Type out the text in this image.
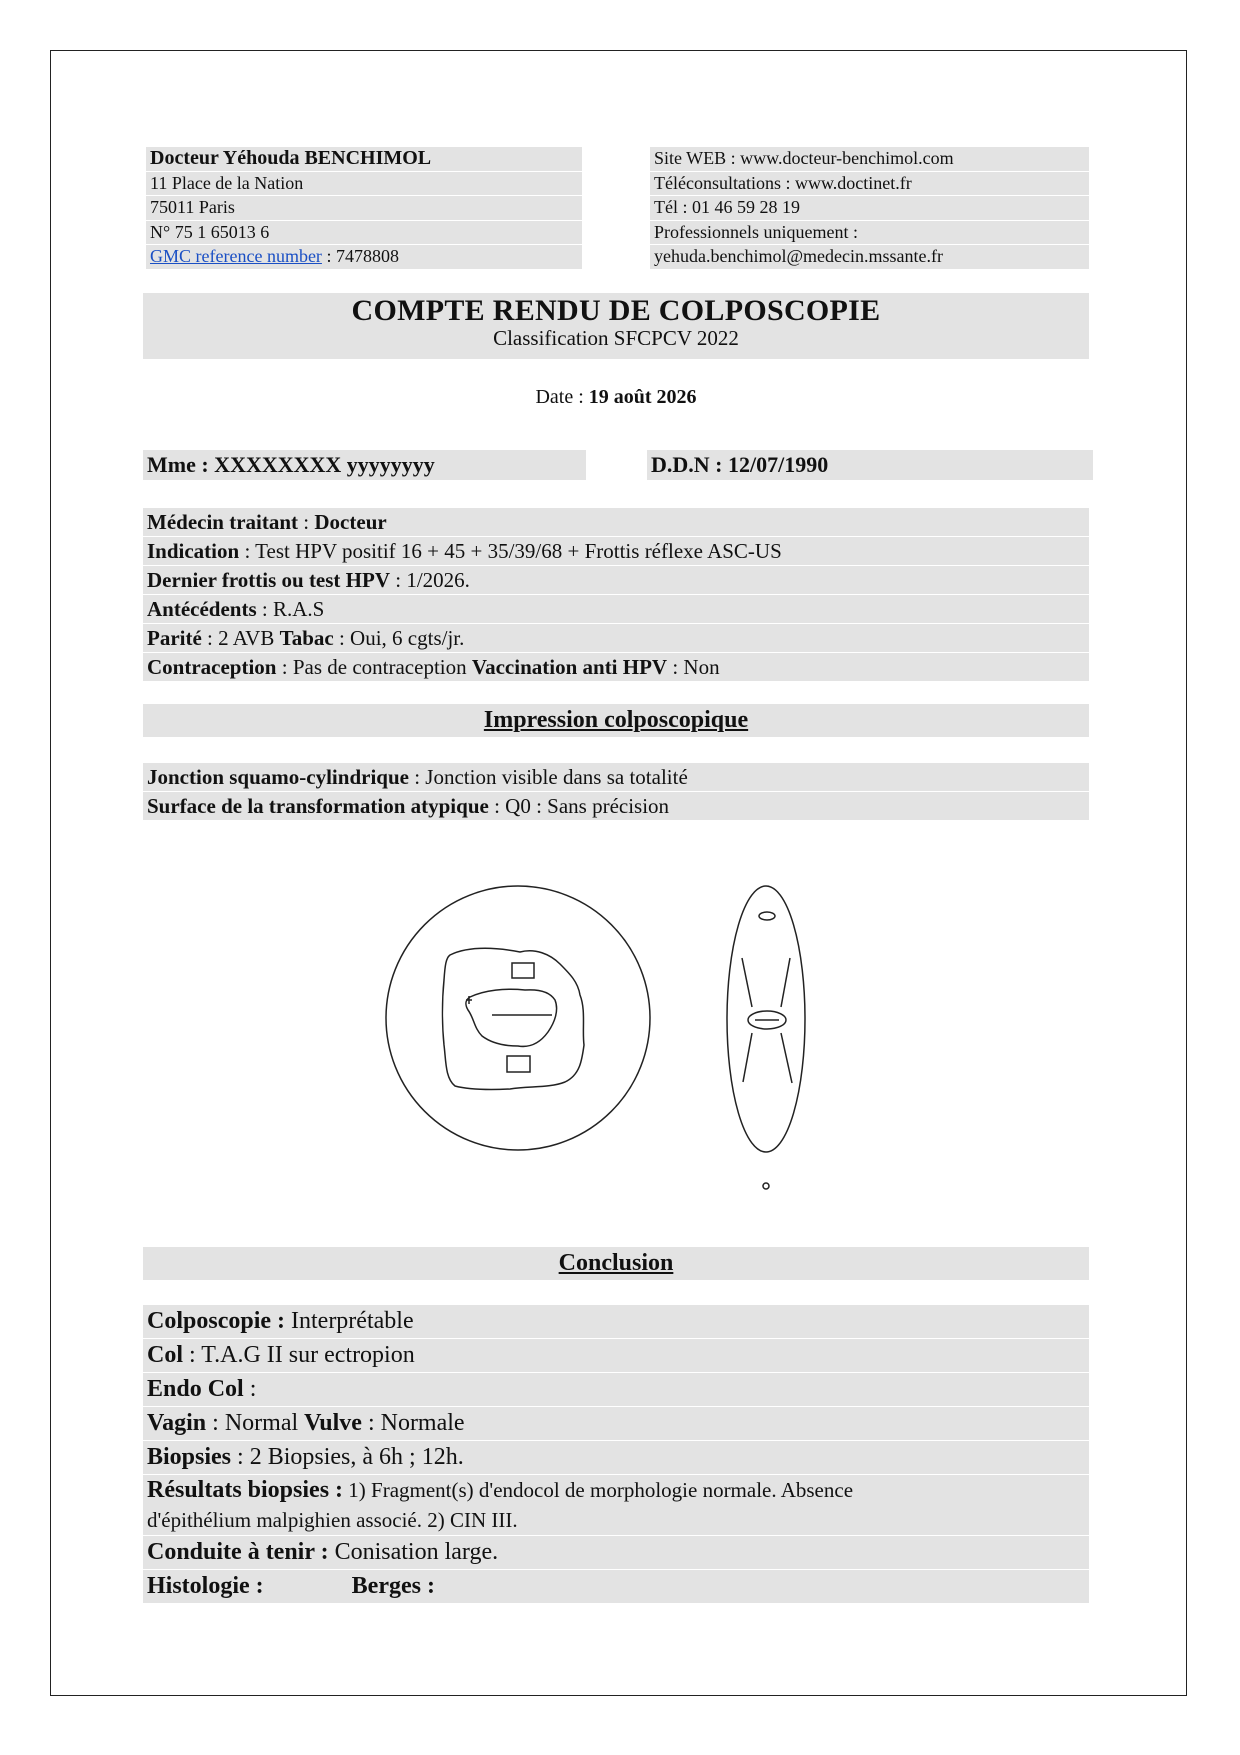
Docteur Yéhouda BENCHIMOL
11 Place de la Nation
75011 Paris
N° 75 1 65013 6
GMC reference number : 7478808
Site WEB : www.docteur-benchimol.com
Téléconsultations : www.doctinet.fr
Tél : 01 46 59 28 19
Professionnels uniquement :
yehuda.benchimol@medecin.mssante.fr
COMPTE RENDU DE COLPOSCOPIE
Classification SFCPCV 2022
Date : 19 août 2026
Mme : XXXXXXXX yyyyyyyy	D.D.N : 12/07/1990
Médecin traitant : Docteur
Indication : Test HPV positif 16 + 45 + 35/39/68 + Frottis réflexe ASC-US
Dernier frottis ou test HPV : 1/2026.
Antécédents : R.A.S
Parité : 2 AVB Tabac : Oui, 6 cgts/jr.
Contraception : Pas de contraception Vaccination anti HPV : Non
Impression colposcopique
Jonction squamo-cylindrique : Jonction visible dans sa totalité
Surface de la transformation atypique : Q0 : Sans précision
Conclusion
Colposcopie : Interprétable
Col : T.A.G II sur ectropion
Endo Col :
Vagin : Normal Vulve : Normale
Biopsies : 2 Biopsies, à 6h ; 12h.
Résultats biopsies : 1) Fragment(s) d'endocol de morphologie normale. Absence
d'épithélium malpighien associé. 2) CIN III.
Conduite à tenir : Conisation large.
Histologie :	Berges :
